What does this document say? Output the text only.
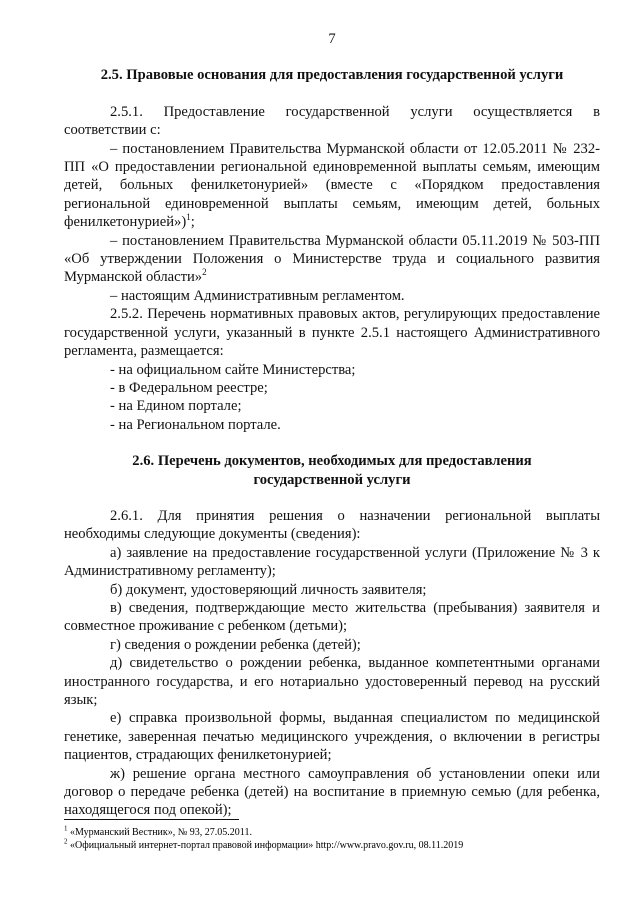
7
2.5. Правовые основания для предоставления государственной услуги

2.5.1. Предоставление государственной услуги осуществляется в соответствии с:

– постановлением Правительства Мурманской области от 12.05.2011 № 232-ПП «О предоставлении региональной единовременной выплаты семьям, имеющим детей, больных фенилкетонурией» (вместе с «Порядком предоставления региональной единовременной выплаты семьям, имеющим детей, больных фенилкетонурией»)$^1$;

– постановлением Правительства Мурманской области 05.11.2019 № 503-ПП «Об утверждении Положения о Министерстве труда и социального развития Мурманской области»$^2$

– настоящим Административным регламентом.

2.5.2. Перечень нормативных правовых актов, регулирующих предоставление государственной услуги, указанный в пункте 2.5.1 настоящего Административного регламента, размещается:

- на официальном сайте Министерства;

- в Федеральном реестре;

- на Едином портале;

- на Региональном портале.

2.6. Перечень документов, необходимых для предоставления государственной услуги

2.6.1. Для принятия решения о назначении региональной выплаты необходимы следующие документы (сведения):

а) заявление на предоставление государственной услуги (Приложение № 3 к Административному регламенту);

б) документ, удостоверяющий личность заявителя;

в) сведения, подтверждающие место жительства (пребывания) заявителя и совместное проживание с ребенком (детьми);

г) сведения о рождении ребенка (детей);

д) свидетельство о рождении ребенка, выданное компетентными органами иностранного государства, и его нотариально удостоверенный перевод на русский язык;

е) справка произвольной формы, выданная специалистом по медицинской генетике, заверенная печатью медицинского учреждения, о включении в регистры пациентов, страдающих фенилкетонурией;

ж) решение органа местного самоуправления об установлении опеки или договор о передаче ребенка (детей) на воспитание в приемную семью (для ребенка, находящегося под опекой);

$^1$ «Мурманский Вестник», № 93, 27.05.2011.
$^2$ «Официальный интернет-портал правовой информации» http://www.pravo.gov.ru, 08.11.2019
